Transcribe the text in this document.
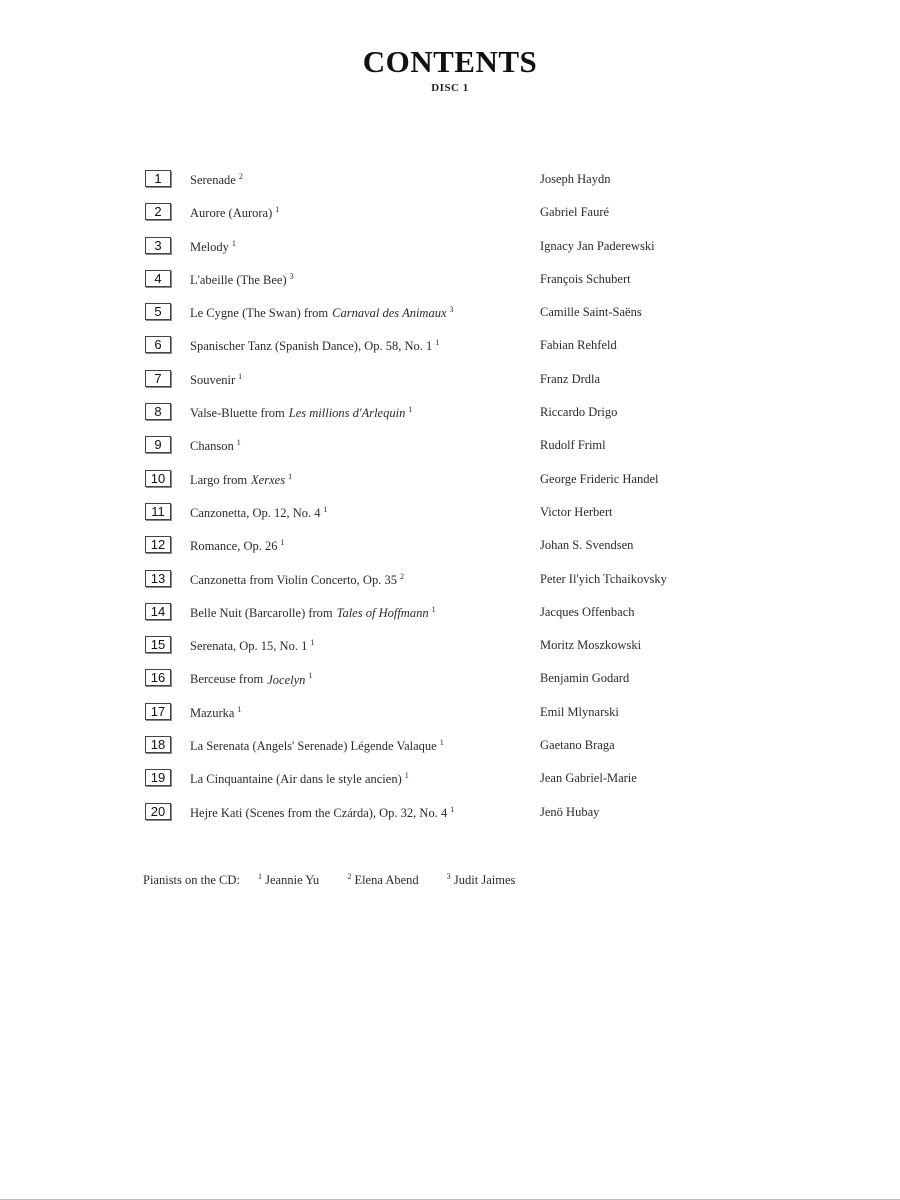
CONTENTS
DISC 1
1	Serenade $^2$	Joseph Haydn
2	Aurore (Aurora) $^1$	Gabriel Fauré
3	Melody $^1$	Ignacy Jan Paderewski
4	L'abeille (The Bee) $^3$	François Schubert
5	Le Cygne (The Swan) from Carnaval des Animaux $^3$	Camille Saint-Saëns
6	Spanischer Tanz (Spanish Dance), Op. 58, No. 1 $^1$	Fabian Rehfeld
7	Souvenir $^1$	Franz Drdla
8	Valse-Bluette from Les millions d'Arlequin $^1$	Riccardo Drigo
9	Chanson $^1$	Rudolf Friml
10	Largo from Xerxes $^1$	George Frideric Handel
11	Canzonetta, Op. 12, No. 4 $^1$	Victor Herbert
12	Romance, Op. 26 $^1$	Johan S. Svendsen
13	Canzonetta from Violin Concerto, Op. 35 $^2$	Peter Il'yich Tchaikovsky
14	Belle Nuit (Barcarolle) from Tales of Hoffmann $^1$	Jacques Offenbach
15	Serenata, Op. 15, No. 1 $^1$	Moritz Moszkowski
16	Berceuse from Jocelyn $^1$	Benjamin Godard
17	Mazurka $^1$	Emil Mlynarski
18	La Serenata (Angels' Serenade) Légende Valaque $^1$	Gaetano Braga
19	La Cinquantaine (Air dans le style ancien) $^1$	Jean Gabriel-Marie
20	Hejre Kati (Scenes from the Czárda), Op. 32, No. 4 $^1$	Jenö Hubay
Pianists on the CD: $^1$ Jeannie Yu	$^2$ Elena Abend	$^3$ Judit Jaimes
